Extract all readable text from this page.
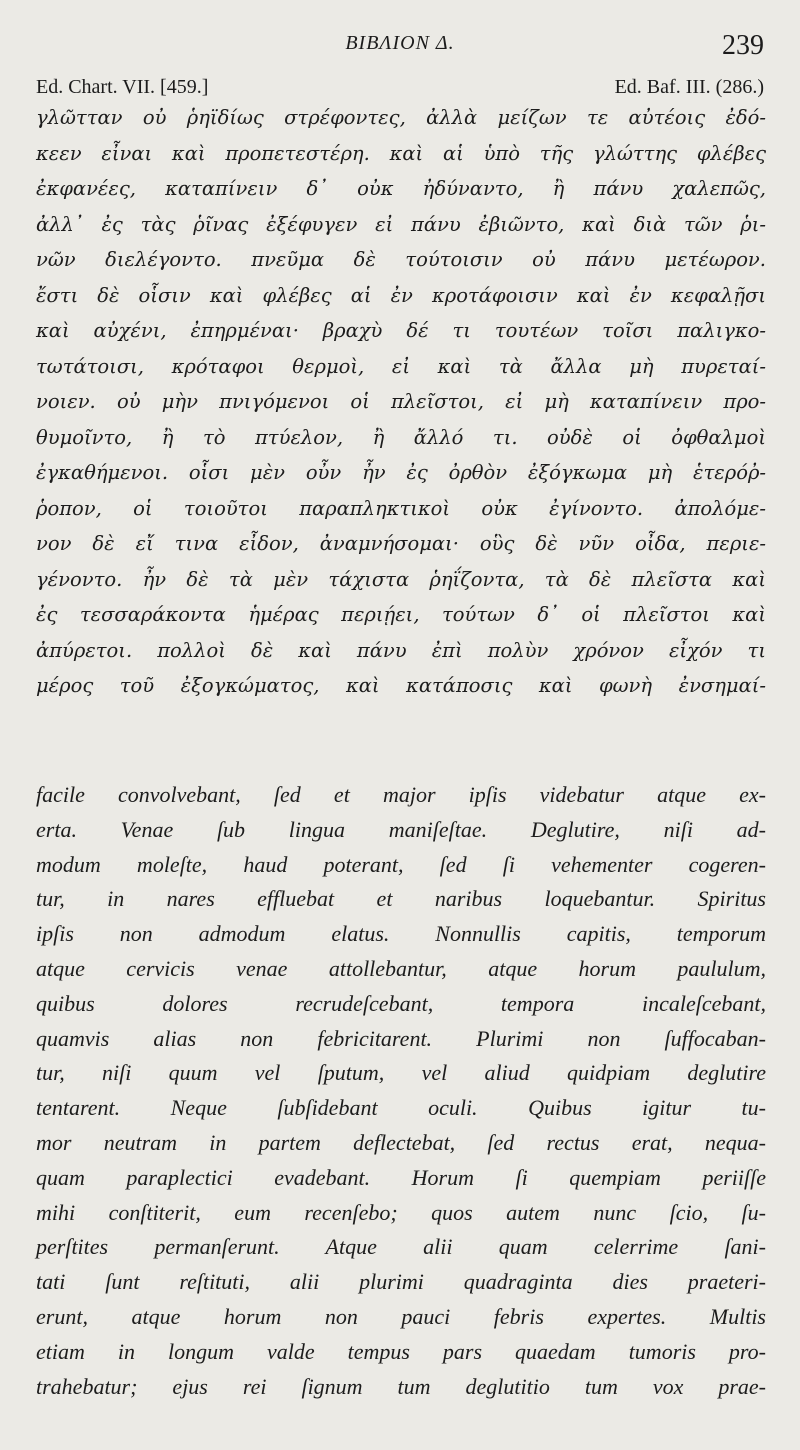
BIBΛION Δ.	239
Ed. Chart. VII. [459.]	Ed. Baf. III. (286.)
γλῶτταν οὐ ῥηϊδίως στρέφοντες, ἀλλὰ μείζων τε αὐτέοις ἐδό-
κεεν εἶναι καὶ προπετεστέρη. καὶ αἱ ὑπὸ τῆς γλώττης φλέβες
ἐκφανέες, καταπίνειν δ᾽ οὐκ ἠδύναντο, ἢ πάνυ χαλεπῶς,
ἀλλ᾽ ἐς τὰς ῥῖνας ἐξέφυγεν εἰ πάνυ ἐβιῶντο, καὶ διὰ τῶν ῥι-
νῶν διελέγοντο. πνεῦμα δὲ τούτοισιν οὐ πάνυ μετέωρον.
ἔστι δὲ οἷσιν καὶ φλέβες αἱ ἐν κροτάφοισιν καὶ ἐν κεφαλῇσι
καὶ αὐχένι, ἐπηρμέναι· βραχὺ δέ τι τουτέων τοῖσι παλιγκο-
τωτάτοισι, κρόταφοι θερμοὶ, εἰ καὶ τὰ ἄλλα μὴ πυρεταί-
νοιεν. οὐ μὴν πνιγόμενοι οἱ πλεῖστοι, εἰ μὴ καταπίνειν προ-
θυμοῖντο, ἢ τὸ πτύελον, ἢ ἄλλό τι. οὐδὲ οἱ ὀφθαλμοὶ
ἐγκαθήμενοι. οἷσι μὲν οὖν ἦν ἐς ὀρθὸν ἐξόγκωμα μὴ ἑτερόῤ-
ῥοπον, οἱ τοιοῦτοι παραπληκτικοὶ οὐκ ἐγίνοντο. ἀπολόμε-
νον δὲ εἴ τινα εἶδον, ἀναμνήσομαι· οὓς δὲ νῦν οἶδα, περιε-
γένοντο. ἦν δὲ τὰ μὲν τάχιστα ῥηΐζοντα, τὰ δὲ πλεῖστα καὶ
ἐς τεσσαράκοντα ἡμέρας περιῄει, τούτων δ᾽ οἱ πλεῖστοι καὶ
ἀπύρετοι. πολλοὶ δὲ καὶ πάνυ ἐπὶ πολὺν χρόνον εἶχόν τι
μέρος τοῦ ἐξογκώματος, καὶ κατάποσις καὶ φωνὴ ἐνσημαί-
facile convolvebant, ſed et major ipſis videbatur atque ex-
erta. Venae ſub lingua maniſeſtae. Deglutire, niſi ad-
modum moleſte, haud poterant, ſed ſi vehementer cogeren-
tur, in nares effluebat et naribus loquebantur. Spiritus
ipſis non admodum elatus. Nonnullis capitis, temporum
atque cervicis venae attollebantur, atque horum paululum,
quibus dolores recrudeſcebant, tempora incaleſcebant,
quamvis alias non febricitarent. Plurimi non ſuffocaban-
tur, niſi quum vel ſputum, vel aliud quidpiam deglutire
tentarent. Neque ſubſidebant oculi. Quibus igitur tu-
mor neutram in partem deflectebat, ſed rectus erat, nequa-
quam paraplectici evadebant. Horum ſi quempiam periiſſe
mihi conſtiterit, eum recenſebo; quos autem nunc ſcio, ſu-
perſtites permanſerunt. Atque alii quam celerrime ſani-
tati ſunt reſtituti, alii plurimi quadraginta dies praeteri-
erunt, atque horum non pauci febris expertes. Multis
etiam in longum valde tempus pars quaedam tumoris pro-
trahebatur; ejus rei ſignum tum deglutitio tum vox prae-
